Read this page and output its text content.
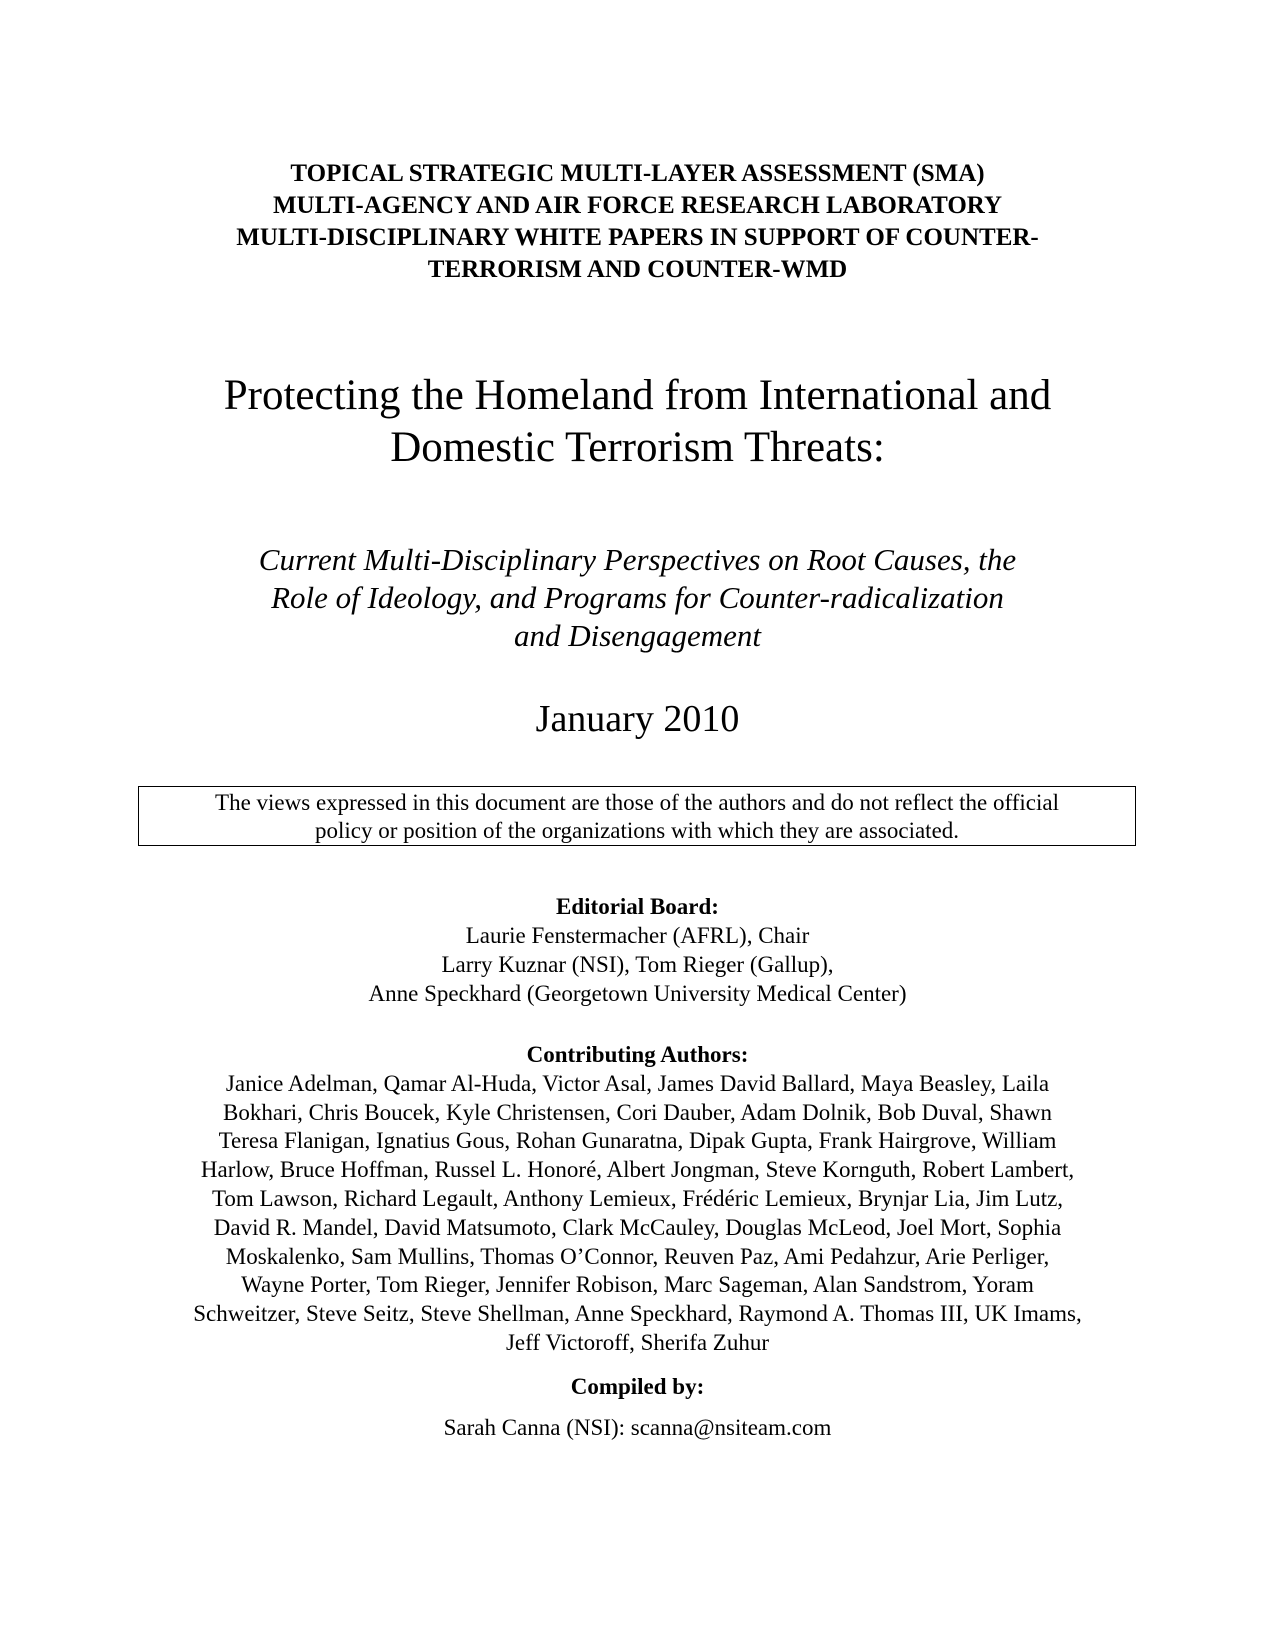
TOPICAL STRATEGIC MULTI-LAYER ASSESSMENT (SMA)
MULTI-AGENCY AND AIR FORCE RESEARCH LABORATORY
MULTI-DISCIPLINARY WHITE PAPERS IN SUPPORT OF COUNTER-
TERRORISM AND COUNTER-WMD
Protecting the Homeland from International and
Domestic Terrorism Threats:
Current Multi-Disciplinary Perspectives on Root Causes, the
Role of Ideology, and Programs for Counter-radicalization
and Disengagement
January 2010
The views expressed in this document are those of the authors and do not reflect the official
policy or position of the organizations with which they are associated.
Editorial Board:
Laurie Fenstermacher (AFRL), Chair
Larry Kuznar (NSI), Tom Rieger (Gallup),
Anne Speckhard (Georgetown University Medical Center)
Contributing Authors:
Janice Adelman, Qamar Al-Huda, Victor Asal, James David Ballard, Maya Beasley, Laila
Bokhari, Chris Boucek, Kyle Christensen, Cori Dauber, Adam Dolnik, Bob Duval, Shawn
Teresa Flanigan, Ignatius Gous, Rohan Gunaratna, Dipak Gupta, Frank Hairgrove, William
Harlow, Bruce Hoffman, Russel L. Honoré, Albert Jongman, Steve Kornguth, Robert Lambert,
Tom Lawson, Richard Legault, Anthony Lemieux, Frédéric Lemieux, Brynjar Lia, Jim Lutz,
David R. Mandel, David Matsumoto, Clark McCauley, Douglas McLeod, Joel Mort, Sophia
Moskalenko, Sam Mullins, Thomas O’Connor, Reuven Paz, Ami Pedahzur, Arie Perliger,
Wayne Porter, Tom Rieger, Jennifer Robison, Marc Sageman, Alan Sandstrom, Yoram
Schweitzer, Steve Seitz, Steve Shellman, Anne Speckhard, Raymond A. Thomas III, UK Imams,
Jeff Victoroff, Sherifa Zuhur
Compiled by:
Sarah Canna (NSI): scanna@nsiteam.com
